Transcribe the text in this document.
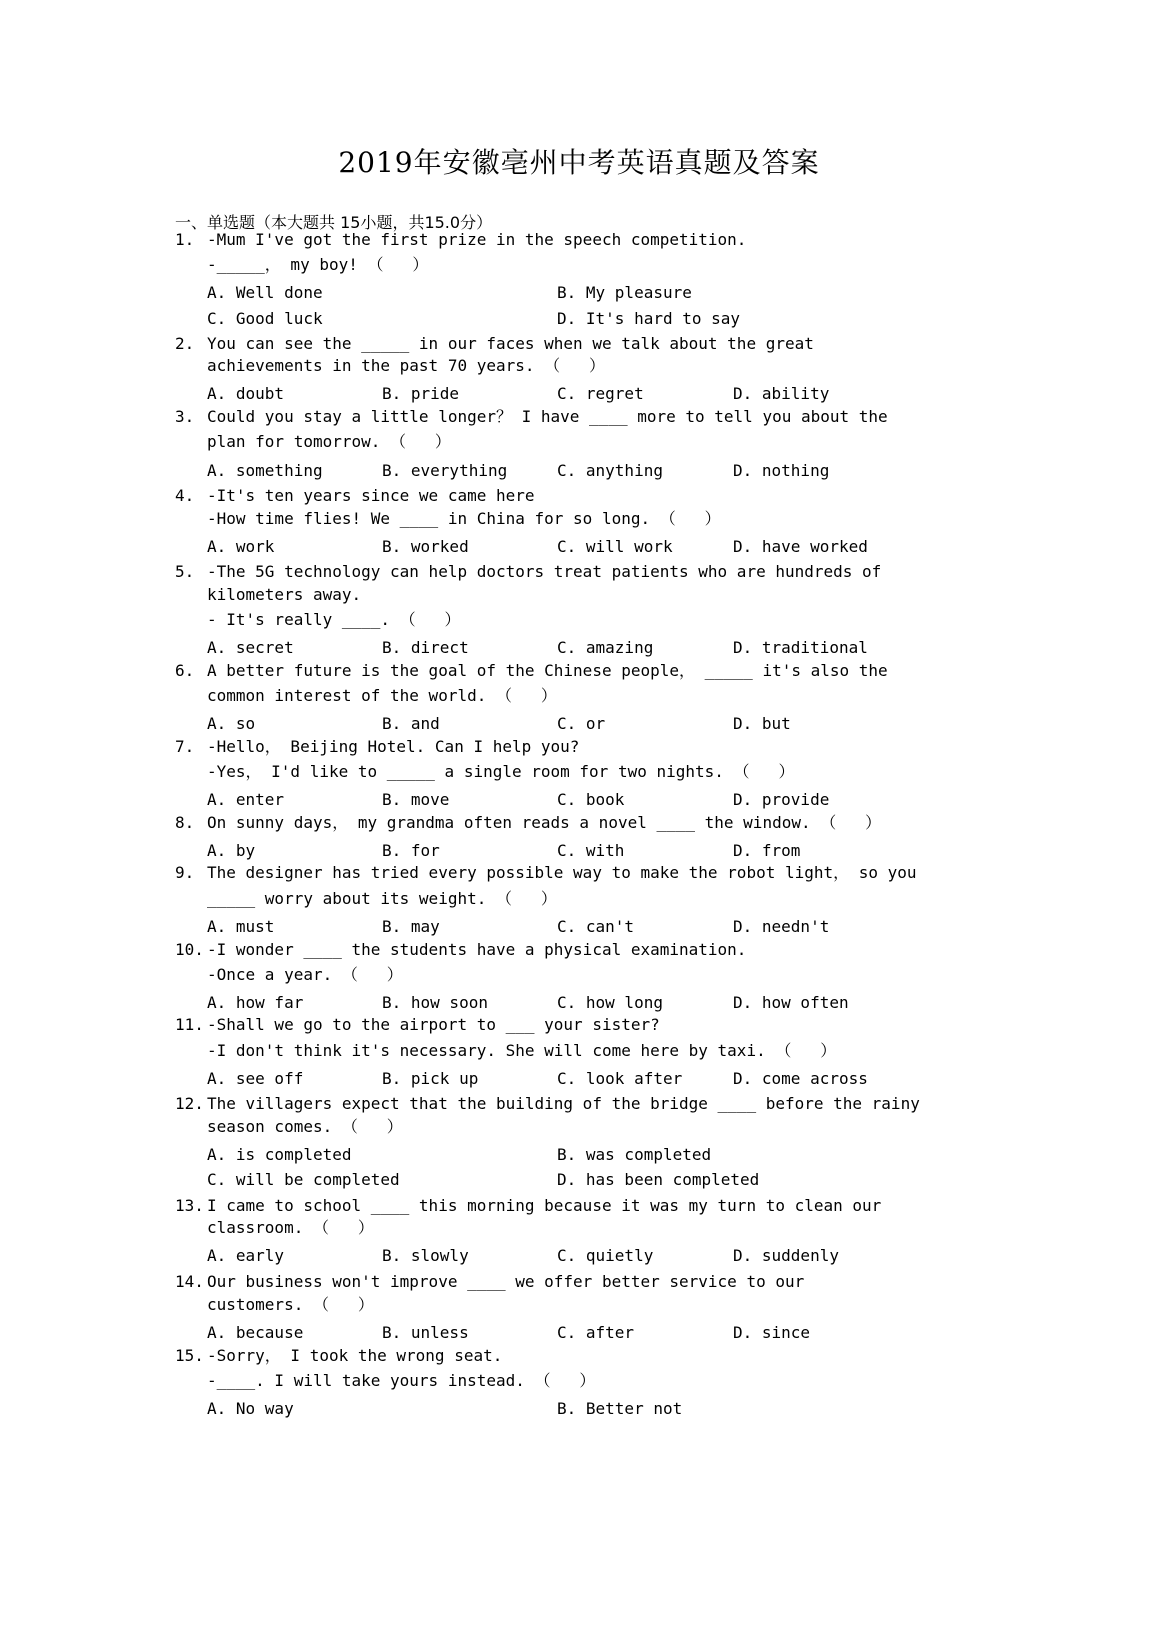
2019年安徽亳州中考英语真题及答案
一、单选题（本大题共 15小题，共15.0分）
1. -Mum I've got the first prize in the speech competition.
-_____， my boy! （   ）
A. Well done	B. My pleasure
C. Good luck	D. It's hard to say
2. You can see the _____ in our faces when we talk about the great
achievements in the past 70 years. （   ）
A. doubt	B. pride	C. regret	D. ability
3. Could you stay a little longer？ I have ____ more to tell you about the
plan for tomorrow. （   ）
A. something	B. everything	C. anything	D. nothing
4. -It's ten years since we came here
-How time flies! We ____ in China for so long. （   ）
A. work	B. worked	C. will work	D. have worked
5. -The 5G technology can help doctors treat patients who are hundreds of
kilometers away.
- It's really ____. （   ）
A. secret	B. direct	C. amazing	D. traditional
6. A better future is the goal of the Chinese people， _____ it's also the
common interest of the world. （   ）
A. so	B. and	C. or	D. but
7. -Hello， Beijing Hotel. Can I help you?
-Yes， I'd like to _____ a single room for two nights. （   ）
A. enter	B. move	C. book	D. provide
8. On sunny days， my grandma often reads a novel ____ the window. （   ）
A. by	B. for	C. with	D. from
9. The designer has tried every possible way to make the robot light， so you
_____ worry about its weight. （   ）
A. must	B. may	C. can't	D. needn't
10. -I wonder ____ the students have a physical examination.
-Once a year. （   ）
A. how far	B. how soon	C. how long	D. how often
11. -Shall we go to the airport to ___ your sister?
-I don't think it's necessary. She will come here by taxi. （   ）
A. see off	B. pick up	C. look after	D. come across
12. The villagers expect that the building of the bridge ____ before the rainy
season comes. （   ）
A. is completed	B. was completed
C. will be completed	D. has been completed
13. I came to school ____ this morning because it was my turn to clean our
classroom. （   ）
A. early	B. slowly	C. quietly	D. suddenly
14. Our business won't improve ____ we offer better service to our
customers. （   ）
A. because	B. unless	C. after	D. since
15. -Sorry， I took the wrong seat.
-____. I will take yours instead. （   ）
A. No way	B. Better not
